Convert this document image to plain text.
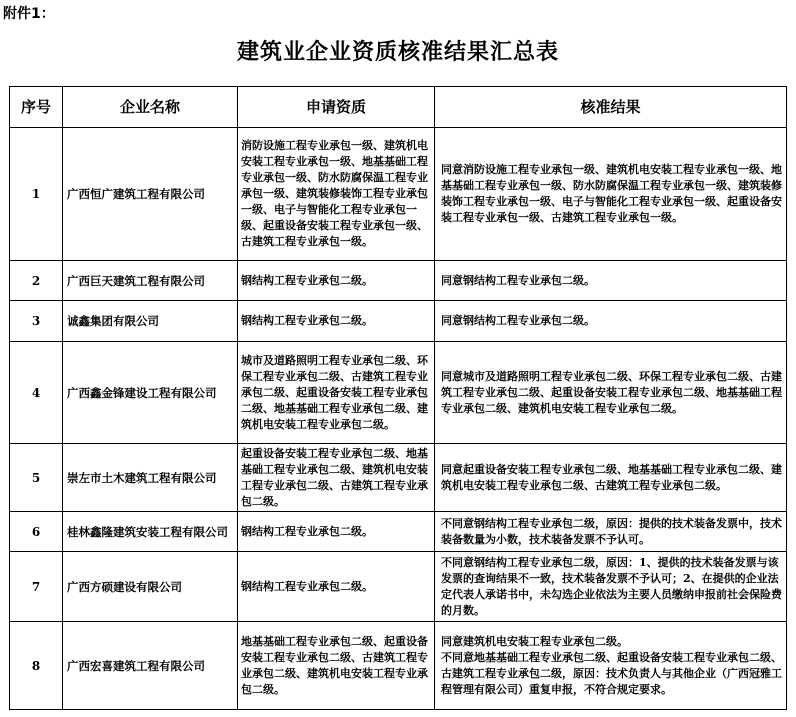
附件1：
建筑业企业资质核准结果汇总表
序号	企业名称	申请资质	核准结果
1	广西恒广建筑工程有限公司	消防设施工程专业承包一级、建筑机电安装工程专业承包一级、地基基础工程专业承包一级、防水防腐保温工程专业承包一级、建筑装修装饰工程专业承包一级、电子与智能化工程专业承包一级、起重设备安装工程专业承包一级、古建筑工程专业承包一级。	同意消防设施工程专业承包一级、建筑机电安装工程专业承包一级、地基基础工程专业承包一级、防水防腐保温工程专业承包一级、建筑装修装饰工程专业承包一级、电子与智能化工程专业承包一级、起重设备安装工程专业承包一级、古建筑工程专业承包一级。

2	广西巨天建筑工程有限公司	钢结构工程专业承包二级。	同意钢结构工程专业承包二级。

3	诚鑫集团有限公司	钢结构工程专业承包二级。	同意钢结构工程专业承包二级。

4	广西鑫金锋建设工程有限公司	城市及道路照明工程专业承包二级、环保工程专业承包二级、古建筑工程专业承包二级、起重设备安装工程专业承包二级、地基基础工程专业承包二级、建筑机电安装工程专业承包二级。	同意城市及道路照明工程专业承包二级、环保工程专业承包二级、古建筑工程专业承包二级、起重设备安装工程专业承包二级、地基基础工程专业承包二级、建筑机电安装工程专业承包二级。

5	崇左市土木建筑工程有限公司	起重设备安装工程专业承包二级、地基基础工程专业承包二级、建筑机电安装工程专业承包二级、古建筑工程专业承包二级。	同意起重设备安装工程专业承包二级、地基基础工程专业承包二级、建筑机电安装工程专业承包二级、古建筑工程专业承包二级。

6	桂林鑫隆建筑安装工程有限公司	钢结构工程专业承包二级。	不同意钢结构工程专业承包二级，原因：提供的技术装备发票中，技术装备数量为小数，技术装备发票不予认可。

7	广西方硕建设有限公司	钢结构工程专业承包二级。	不同意钢结构工程专业承包二级，原因：1、提供的技术装备发票与该发票的查询结果不一致，技术装备发票不予认可；2、在提供的企业法定代表人承诺书中，未勾选企业依法为主要人员缴纳申报前社会保险费的月数。

8	广西宏喜建筑工程有限公司	地基基础工程专业承包二级、起重设备安装工程专业承包二级、古建筑工程专业承包二级、建筑机电安装工程专业承包二级。	同意建筑机电安装工程专业承包二级。
不同意地基基础工程专业承包二级、起重设备安装工程专业承包二级、古建筑工程专业承包二级，原因：技术负责人与其他企业（广西冠雅工程管理有限公司）重复申报，不符合规定要求。
